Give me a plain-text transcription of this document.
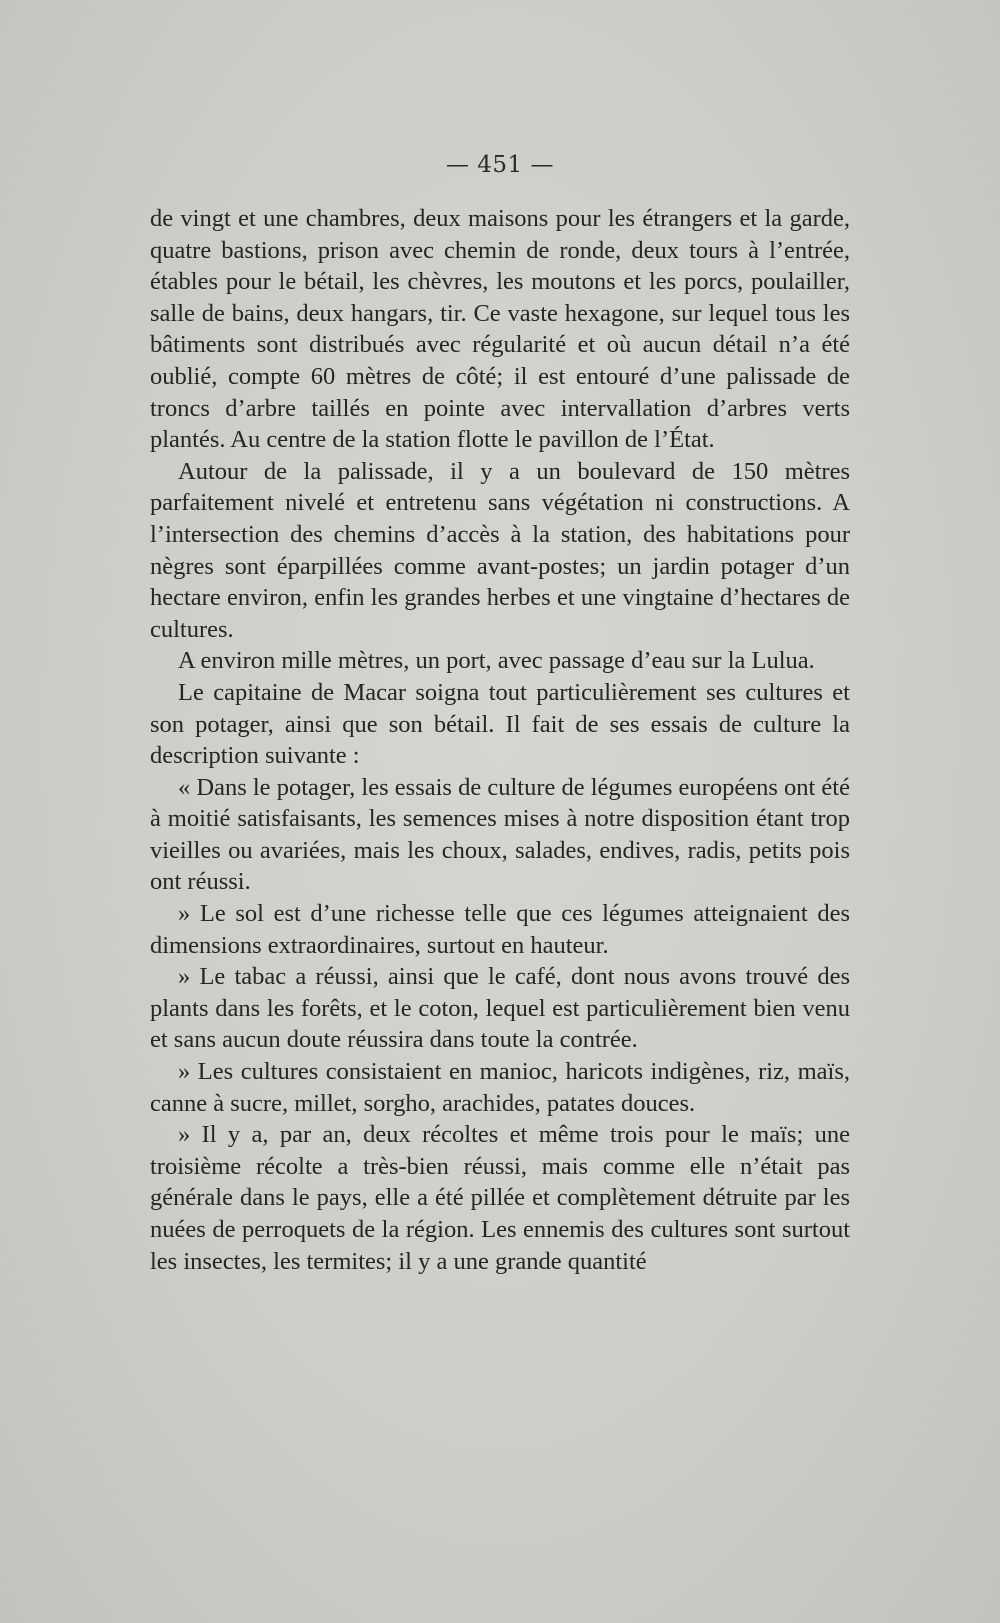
— 451 —

de vingt et une chambres, deux maisons pour les étrangers et la garde, quatre bastions, prison avec chemin de ronde, deux tours à l’entrée, étables pour le bétail, les chèvres, les moutons et les porcs, poulailler, salle de bains, deux hangars, tir. Ce vaste hexagone, sur lequel tous les bâtiments sont distribués avec régularité et où aucun détail n’a été oublié, compte 60 mètres de côté; il est entouré d’une palissade de troncs d’arbre taillés en pointe avec intervallation d’arbres verts plantés. Au centre de la station flotte le pavillon de l’État.

Autour de la palissade, il y a un boulevard de 150 mètres parfaitement nivelé et entretenu sans végétation ni constructions. A l’intersection des chemins d’accès à la station, des habitations pour nègres sont éparpillées comme avant-postes; un jardin potager d’un hectare environ, enfin les grandes herbes et une vingtaine d’hectares de cultures.

A environ mille mètres, un port, avec passage d’eau sur la Lulua.

Le capitaine de Macar soigna tout particulièrement ses cultures et son potager, ainsi que son bétail. Il fait de ses essais de culture la description suivante :

« Dans le potager, les essais de culture de légumes européens ont été à moitié satisfaisants, les semences mises à notre disposition étant trop vieilles ou avariées, mais les choux, salades, endives, radis, petits pois ont réussi.

» Le sol est d’une richesse telle que ces légumes atteignaient des dimensions extraordinaires, surtout en hauteur.

» Le tabac a réussi, ainsi que le café, dont nous avons trouvé des plants dans les forêts, et le coton, lequel est particulièrement bien venu et sans aucun doute réussira dans toute la contrée.

» Les cultures consistaient en manioc, haricots indigènes, riz, maïs, canne à sucre, millet, sorgho, arachides, patates douces.

» Il y a, par an, deux récoltes et même trois pour le maïs; une troisième récolte a très-bien réussi, mais comme elle n’était pas générale dans le pays, elle a été pillée et complètement détruite par les nuées de perroquets de la région. Les ennemis des cultures sont surtout les insectes, les termites; il y a une grande quantité
